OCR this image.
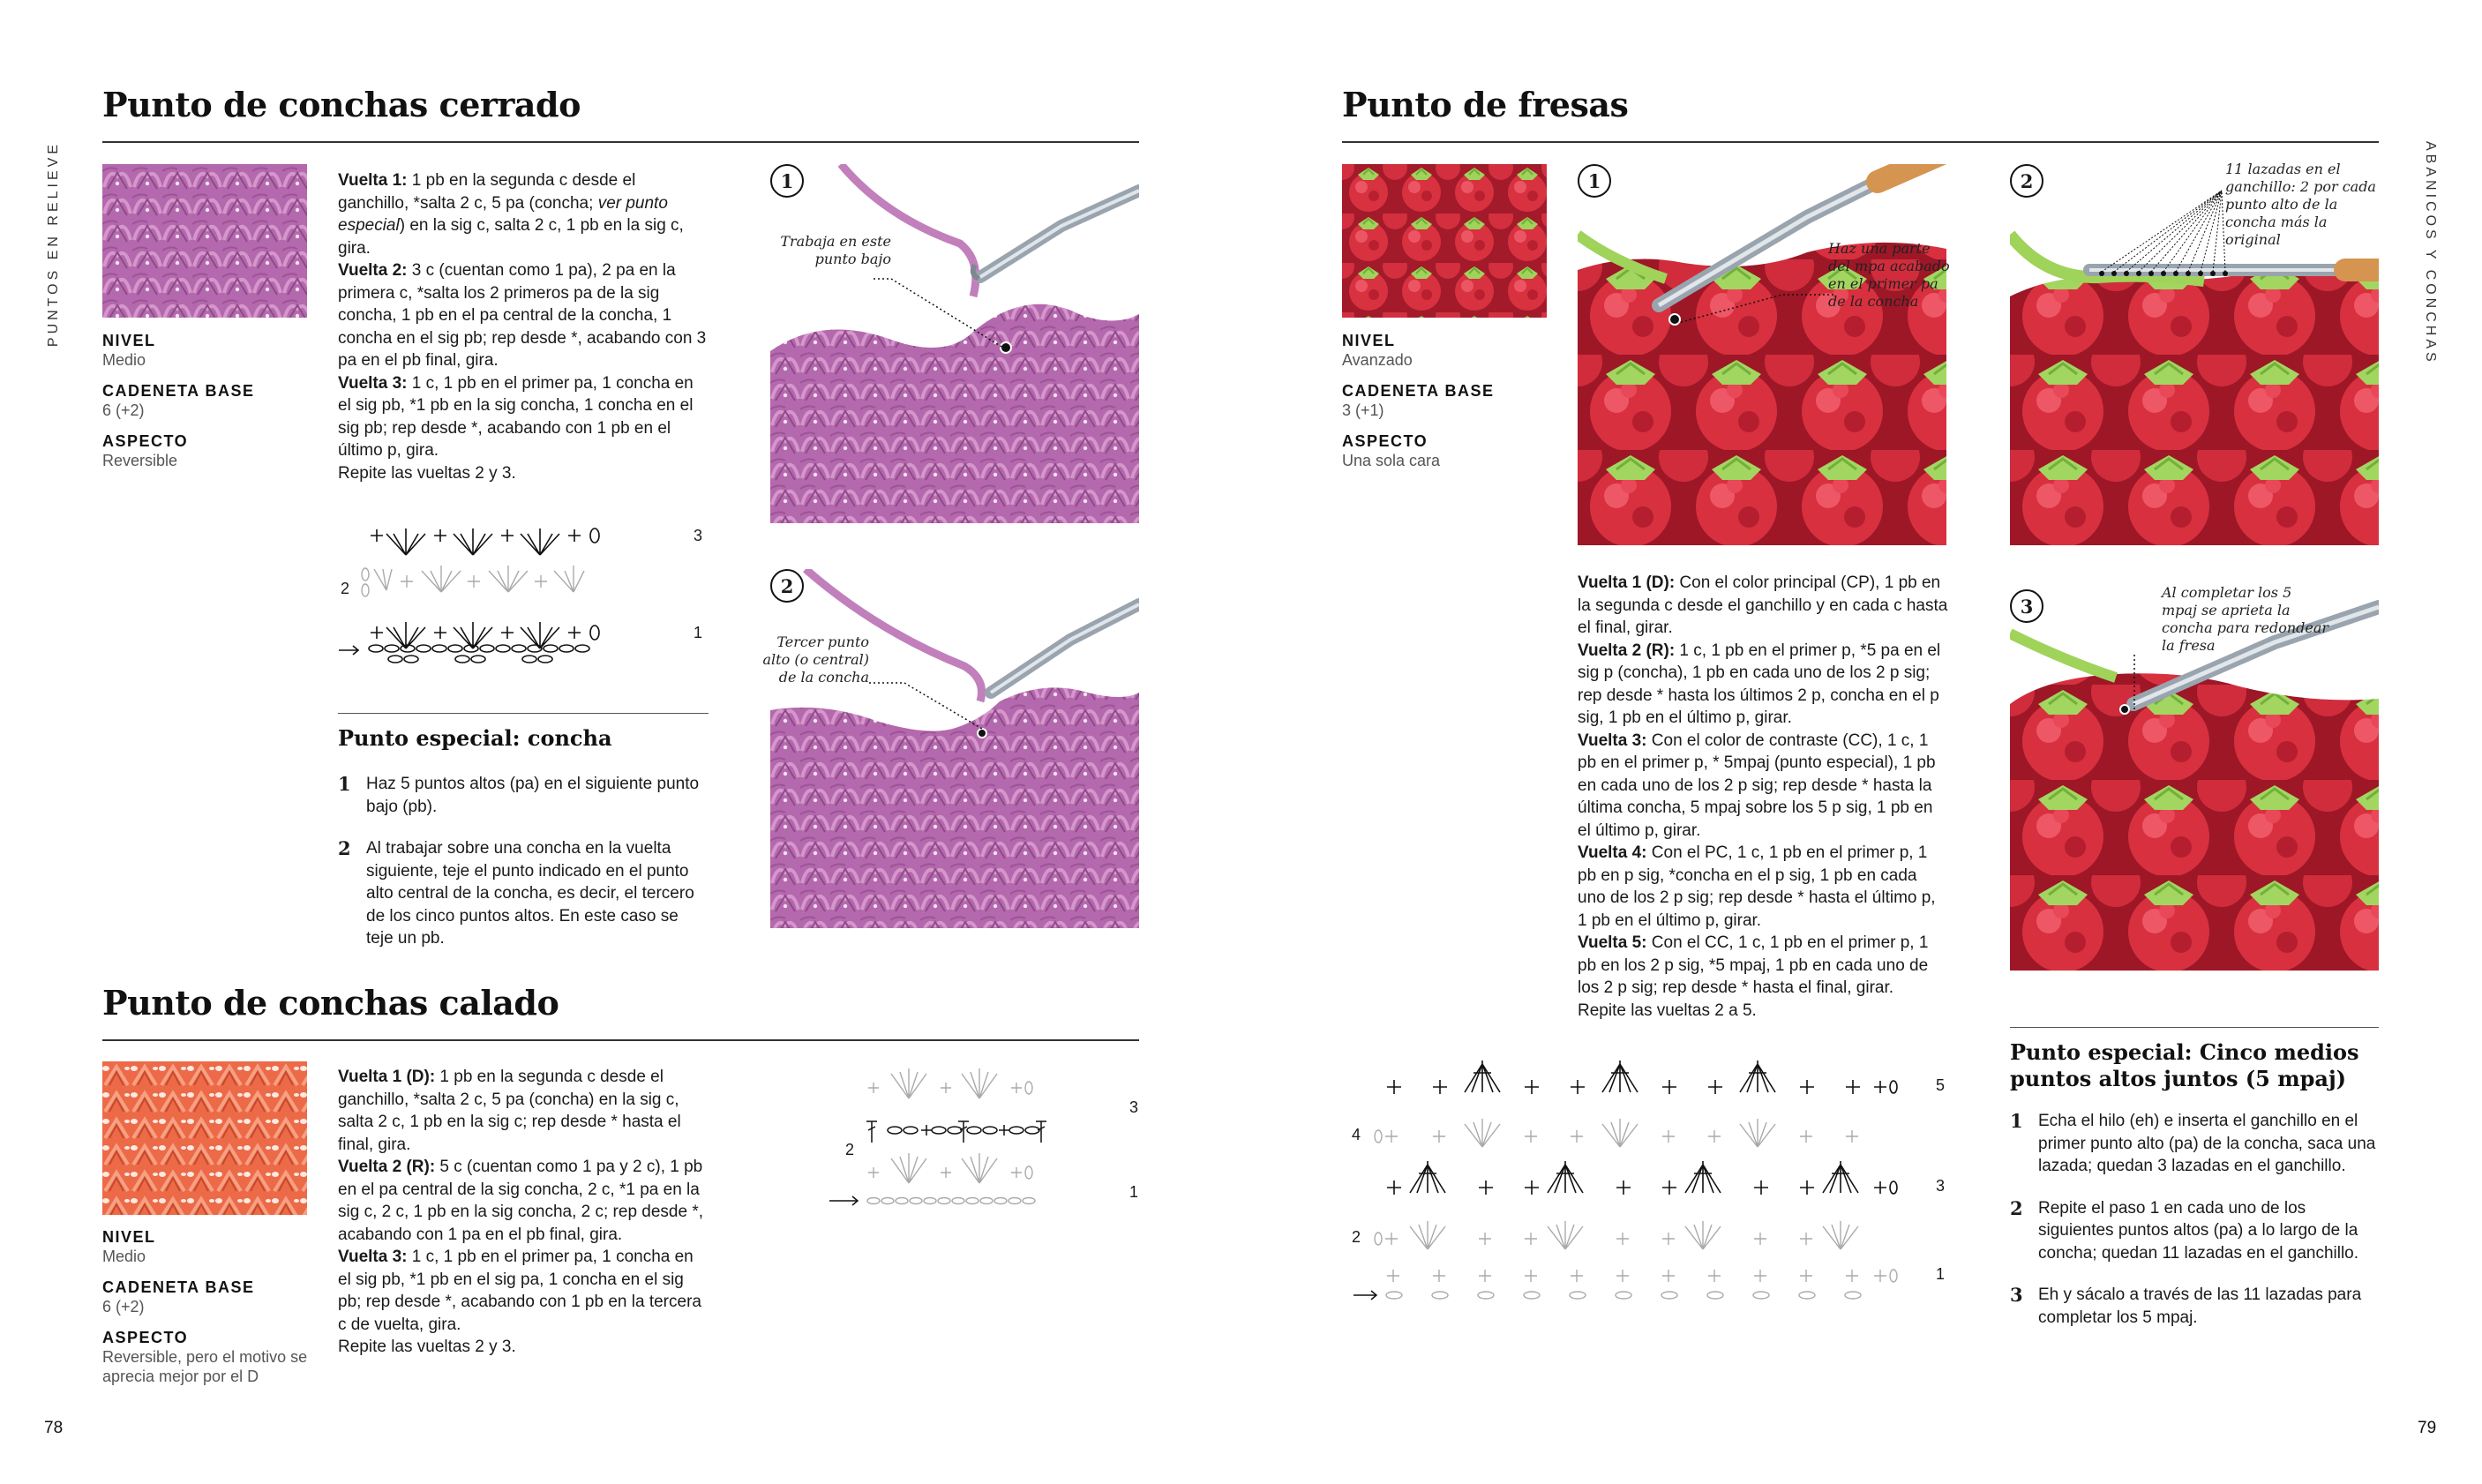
PUNTOS EN RELIEVE	ABANICOS Y CONCHAS
78	79
Punto de conchas cerrado
NIVEL
Medio
CADENETA BASE
6 (+2)
ASPECTO
Reversible

Vuelta 1: 1 pb en la segunda c desde el ganchillo, *salta 2 c, 5 pa (concha; ver punto especial) en la sig c, salta 2 c, 1 pb en la sig c, gira.

Vuelta 2: 3 c (cuentan como 1 pa), 2 pa en la primera c, *salta los 2 primeros pa de la sig concha, 1 pb en el pa central de la concha, 1 concha en el sig pb; rep desde *, acabando con 3 pa en el pb final, gira.

Vuelta 3: 1 c, 1 pb en el primer pa, 1 concha en el sig pb, *1 pb en la sig concha, 1 concha en el sig pb; rep desde *, acabando con 1 pb en el último p, gira.

Repite las vueltas 2 y 3.

3
2
1
Punto especial: concha
1 Haz 5 puntos altos (pa) en el siguiente punto bajo (pb).
2 Al trabajar sobre una concha en la vuelta siguiente, teje el punto indicado en el punto alto central de la concha, es decir, el tercero de los cinco puntos altos. En este caso se teje un pb.
1
Trabaja en este punto bajo
2
Tercer punto alto (o central) de la concha
Punto de conchas calado
NIVEL
Medio
CADENETA BASE
6 (+2)
ASPECTO
Reversible, pero el motivo se aprecia mejor por el D

Vuelta 1 (D): 1 pb en la segunda c desde el ganchillo, *salta 2 c, 5 pa (concha) en la sig c, salta 2 c, 1 pb en la sig c; rep desde * hasta el final, gira.

Vuelta 2 (R): 5 c (cuentan como 1 pa y 2 c), 1 pb en el pa central de la sig concha, 2 c, *1 pa en la sig c, 2 c, 1 pb en la sig concha, 2 c; rep desde *, acabando con 1 pa en el pb final, gira.

Vuelta 3: 1 c, 1 pb en el primer pa, 1 concha en el sig pb, *1 pb en el sig pa, 1 concha en el sig pb; rep desde *, acabando con 1 pb en la tercera c de vuelta, gira.

Repite las vueltas 2 y 3.

3
2
1
Punto de fresas
NIVEL
Avanzado
CADENETA BASE
3 (+1)
ASPECTO
Una sola cara
1
Haz una parte del mpa acabado en el primer pa de la concha
2
11 lazadas en el ganchillo: 2 por cada punto alto de la concha más la original
3
Al completar los 5 mpaj se aprieta la concha para redondear la fresa

Vuelta 1 (D): Con el color principal (CP), 1 pb en la segunda c desde el ganchillo y en cada c hasta el final, girar.

Vuelta 2 (R): 1 c, 1 pb en el primer p, *5 pa en el sig p (concha), 1 pb en cada uno de los 2 p sig; rep desde * hasta los últimos 2 p, concha en el p sig, 1 pb en el último p, girar.

Vuelta 3: Con el color de contraste (CC), 1 c, 1 pb en el primer p, * 5mpaj (punto especial), 1 pb en cada uno de los 2 p sig; rep desde * hasta la última concha, 5 mpaj sobre los 5 p sig, 1 pb en el último p, girar.

Vuelta 4: Con el PC, 1 c, 1 pb en el primer p, 1 pb en p sig, *concha en el p sig, 1 pb en cada uno de los 2 p sig; rep desde * hasta el último p, 1 pb en el último p, girar.

Vuelta 5: Con el CC, 1 c, 1 pb en el primer p, 1 pb en los 2 p sig, *5 mpaj, 1 pb en cada uno de los 2 p sig; rep desde * hasta el final, girar.

Repite las vueltas 2 a 5.

5
4
3
2
1
Punto especial: Cinco medios puntos altos juntos (5 mpaj)
1 Echa el hilo (eh) e inserta el ganchillo en el primer punto alto (pa) de la concha, saca una lazada; quedan 3 lazadas en el ganchillo.
2 Repite el paso 1 en cada uno de los siguientes puntos altos (pa) a lo largo de la concha; quedan 11 lazadas en el ganchillo.
3 Eh y sácalo a través de las 11 lazadas para completar los 5 mpaj.
